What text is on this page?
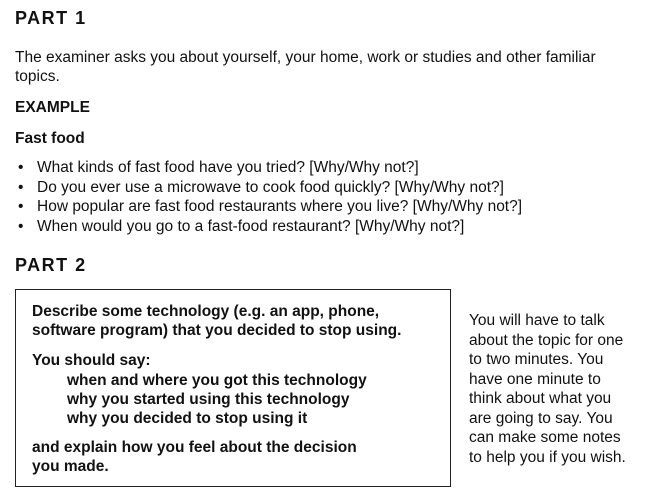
PART 1

The examiner asks you about yourself, your home, work or studies and other familiar topics.

EXAMPLE
Fast food
• What kinds of fast food have you tried? [Why/Why not?]
• Do you ever use a microwave to cook food quickly? [Why/Why not?]
• How popular are fast food restaurants where you live? [Why/Why not?]
• When would you go to a fast-food restaurant? [Why/Why not?]
PART 2
Describe some technology (e.g. an app, phone,
software program) that you decided to stop using.
You should say:
when and where you got this technology
why you started using this technology
why you decided to stop using it
and explain how you feel about the decision
you made.
You will have to talk
about the topic for one
to two minutes. You
have one minute to
think about what you
are going to say. You
can make some notes
to help you if you wish.
